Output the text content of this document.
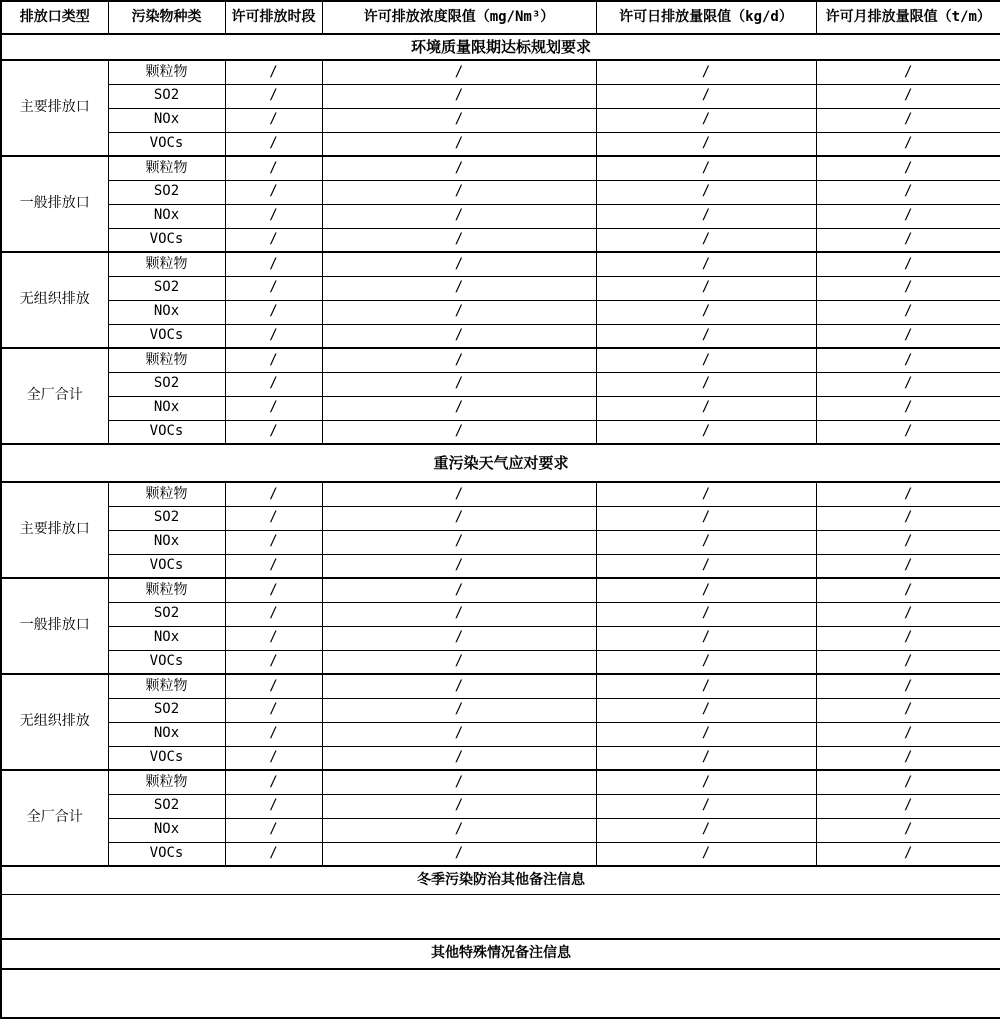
排放口类型	污染物种类	许可排放时段	许可排放浓度限值（mg/Nm³）	许可日排放量限值（kg/d）	许可月排放量限值（t/m）
环境质量限期达标规划要求					
主要排放口	颗粒物	/	/	/	/
	SO2	/	/	/	/
	NOx	/	/	/	/
	VOCs	/	/	/	/
一般排放口	颗粒物	/	/	/	/
	SO2	/	/	/	/
	NOx	/	/	/	/
	VOCs	/	/	/	/
无组织排放	颗粒物	/	/	/	/
	SO2	/	/	/	/
	NOx	/	/	/	/
	VOCs	/	/	/	/
全厂合计	颗粒物	/	/	/	/
	SO2	/	/	/	/
	NOx	/	/	/	/
	VOCs	/	/	/	/
重污染天气应对要求					
主要排放口	颗粒物	/	/	/	/
	SO2	/	/	/	/
	NOx	/	/	/	/
	VOCs	/	/	/	/
一般排放口	颗粒物	/	/	/	/
	SO2	/	/	/	/
	NOx	/	/	/	/
	VOCs	/	/	/	/
无组织排放	颗粒物	/	/	/	/
	SO2	/	/	/	/
	NOx	/	/	/	/
	VOCs	/	/	/	/
全厂合计	颗粒物	/	/	/	/
	SO2	/	/	/	/
	NOx	/	/	/	/
	VOCs	/	/	/	/
冬季污染防治其他备注信息					

其他特殊情况备注信息					
